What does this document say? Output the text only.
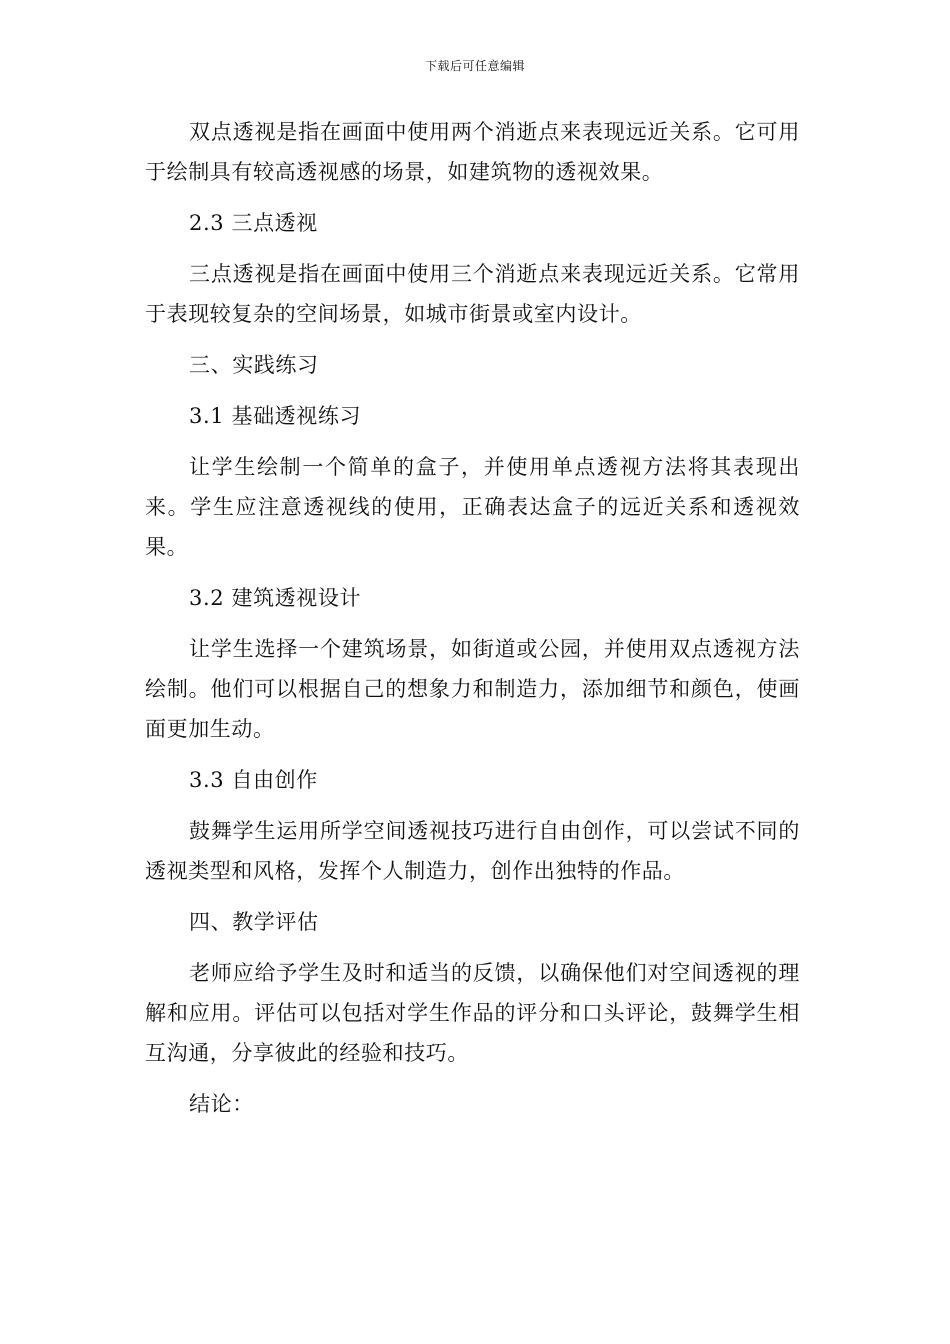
下载后可任意编辑

双点透视是指在画面中使用两个消逝点来表现远近关系。它可用于绘制具有较高透视感的场景，如建筑物的透视效果。

2.3 三点透视

三点透视是指在画面中使用三个消逝点来表现远近关系。它常用于表现较复杂的空间场景，如城市街景或室内设计。

三、实践练习

3.1 基础透视练习

让学生绘制一个简单的盒子，并使用单点透视方法将其表现出来。学生应注意透视线的使用，正确表达盒子的远近关系和透视效果。

3.2 建筑透视设计

让学生选择一个建筑场景，如街道或公园，并使用双点透视方法绘制。他们可以根据自己的想象力和制造力，添加细节和颜色，使画面更加生动。

3.3 自由创作

鼓舞学生运用所学空间透视技巧进行自由创作，可以尝试不同的透视类型和风格，发挥个人制造力，创作出独特的作品。

四、教学评估

老师应给予学生及时和适当的反馈，以确保他们对空间透视的理解和应用。评估可以包括对学生作品的评分和口头评论，鼓舞学生相互沟通，分享彼此的经验和技巧。

结论：
